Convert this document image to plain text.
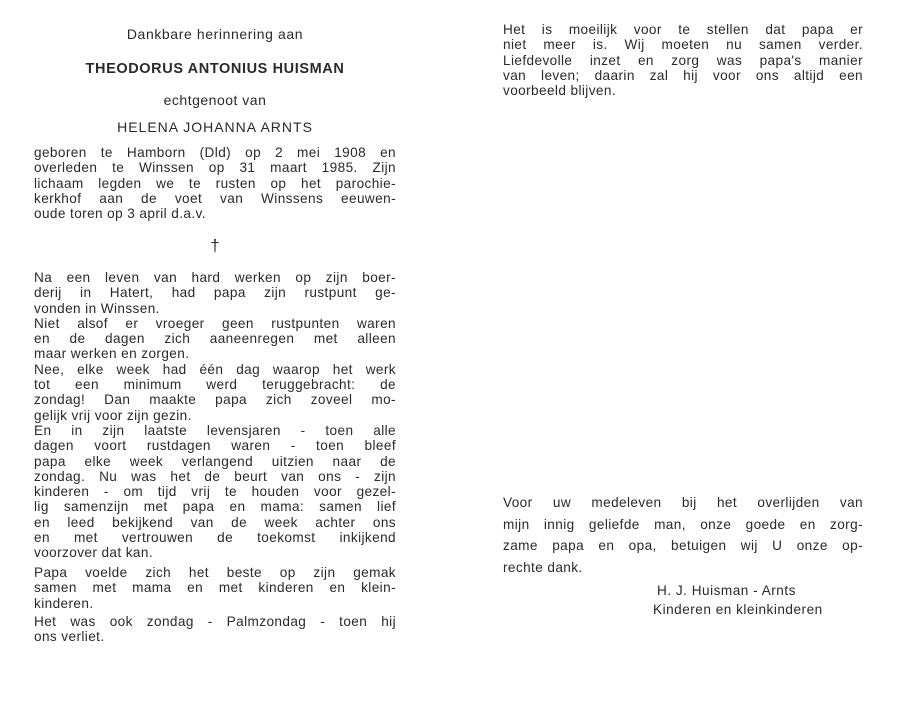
Dankbare herinnering aan
THEODORUS ANTONIUS HUISMAN
echtgenoot van
HELENA JOHANNA ARNTS

geboren te Hamborn (Dld) op 2 mei 1908 en
overleden te Winssen op 31 maart 1985. Zijn
lichaam legden we te rusten op het parochie-
kerkhof aan de voet van Winssens eeuwen-
oude toren op 3 april d.a.v.

†

Na een leven van hard werken op zijn boer-
derij in Hatert, had papa zijn rustpunt ge-
vonden in Winssen.
Niet alsof er vroeger geen rustpunten waren
en de dagen zich aaneenregen met alleen
maar werken en zorgen.
Nee, elke week had één dag waarop het werk
tot een minimum werd teruggebracht: de
zondag! Dan maakte papa zich zoveel mo-
gelijk vrij voor zijn gezin.
En in zijn laatste levensjaren - toen alle
dagen voort rustdagen waren - toen bleef
papa elke week verlangend uitzien naar de
zondag. Nu was het de beurt van ons - zijn
kinderen - om tijd vrij te houden voor gezel-
lig samenzijn met papa en mama: samen lief
en leed bekijkend van de week achter ons
en met vertrouwen de toekomst inkijkend
voorzover dat kan.

Papa voelde zich het beste op zijn gemak
samen met mama en met kinderen en klein-
kinderen.

Het was ook zondag - Palmzondag - toen hij
ons verliet.

Het is moeilijk voor te stellen dat papa er
niet meer is. Wij moeten nu samen verder.
Liefdevolle inzet en zorg was papa's manier
van leven; daarin zal hij voor ons altijd een
voorbeeld blijven.

Voor uw medeleven bij het overlijden van
mijn innig geliefde man, onze goede en zorg-
zame papa en opa, betuigen wij U onze op-
rechte dank.

H. J. Huisman - Arnts
Kinderen en kleinkinderen
